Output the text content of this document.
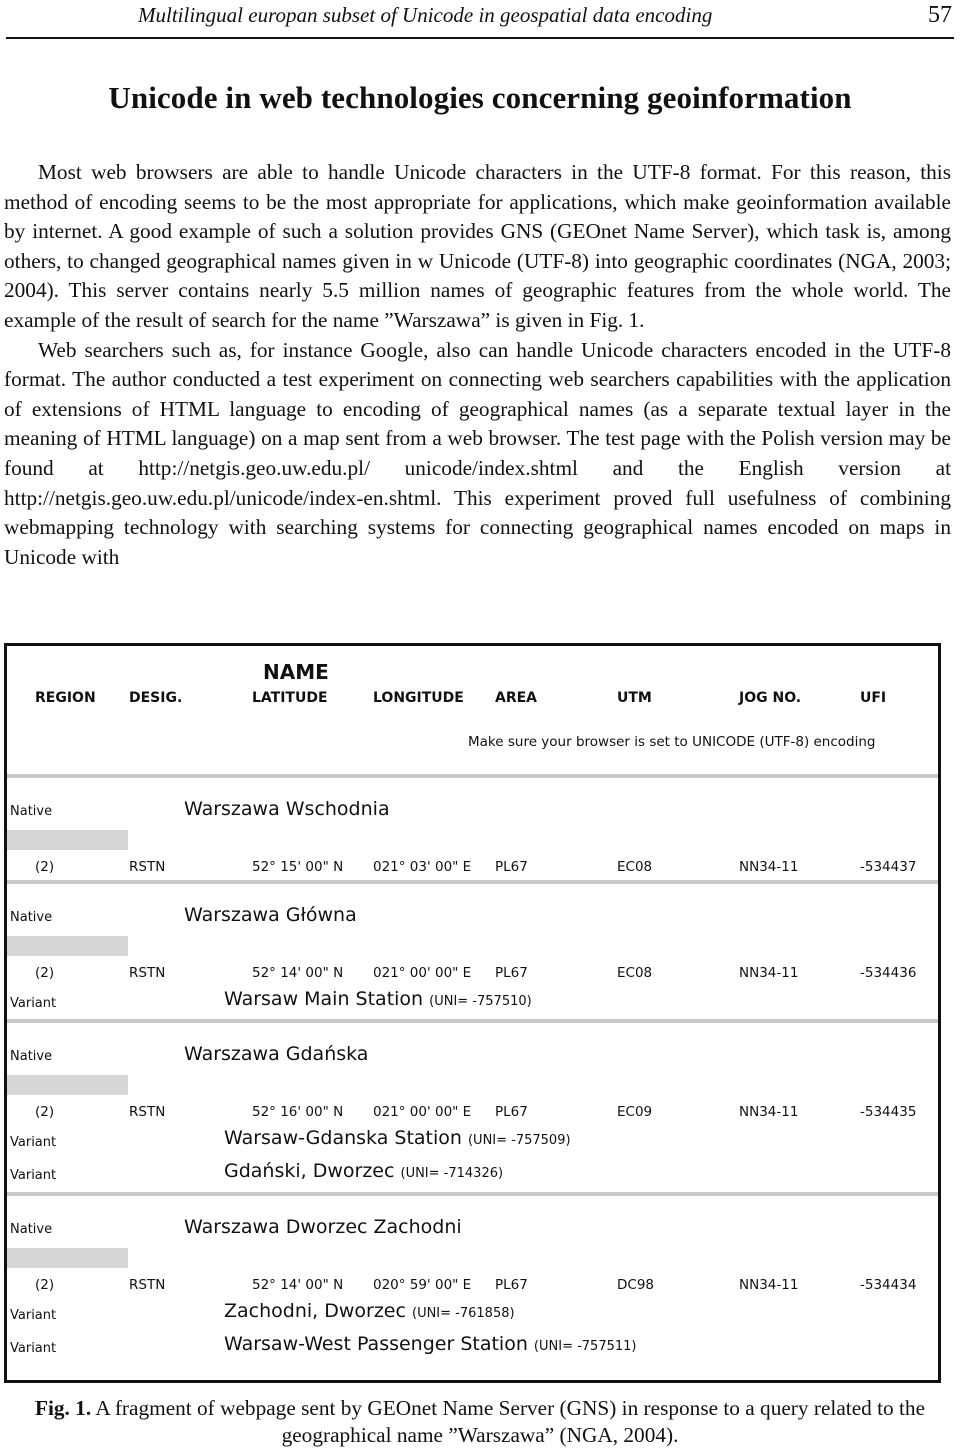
Multilingual europan subset of Unicode in geospatial data encoding	57
Unicode in web technologies concerning geoinformation

Most web browsers are able to handle Unicode characters in the UTF-8 format. For this reason, this method of encoding seems to be the most appropriate for applications, which make geoinformation available by internet. A good example of such a solution provides GNS (GEOnet Name Server), which task is, among others, to changed geographical names given in w Unicode (UTF-8) into geographic coordinates (NGA, 2003; 2004). This server contains nearly 5.5 million names of geographic features from the whole world. The example of the result of search for the name ”Warszawa” is given in Fig. 1.

Web searchers such as, for instance Google, also can handle Unicode characters encoded in the UTF-8 format. The author conducted a test experiment on connecting web searchers capabilities with the application of extensions of HTML language to encoding of geographical names (as a separate textual layer in the meaning of HTML language) on a map sent from a web browser. The test page with the Polish version may be found at http://netgis.geo.uw.edu.pl/ unicode/index.shtml and the English version at http://netgis.geo.uw.edu.pl/unicode/index-en.shtml. This experiment proved full usefulness of combining webmapping technology with searching systems for connecting geographical names encoded on maps in Unicode with

NAME
Make sure your browser is set to UNICODE (UTF-8) encoding
REGION DESIG.	LATITUDE	LONGITUDE AREA	UTM	JOG NO.	UFI
Native	Warszawa Wschodnia
(2)	RSTN	52° 15' 00" N 021° 03' 00" E PL67	EC08	NN34-11	-534437
Native	Warszawa Główna
(2)	RSTN	52° 14' 00" N 021° 00' 00" E PL67	EC08	NN34-11	-534436
Variant	Warsaw Main Station (UNI= -757510)
Native	Warszawa Gdańska
(2)	RSTN	52° 16' 00" N 021° 00' 00" E PL67	EC09	NN34-11	-534435
Variant	Warsaw-Gdanska Station (UNI= -757509)
Variant	Gdański, Dworzec (UNI= -714326)
Native	Warszawa Dworzec Zachodni
(2)	RSTN	52° 14' 00" N 020° 59' 00" E PL67	DC98	NN34-11	-534434
Variant	Zachodni, Dworzec (UNI= -761858)
Variant	Warsaw-West Passenger Station (UNI= -757511)
Fig. 1. A fragment of webpage sent by GEOnet Name Server (GNS) in response to a query related to the geographical name ”Warszawa” (NGA, 2004).
